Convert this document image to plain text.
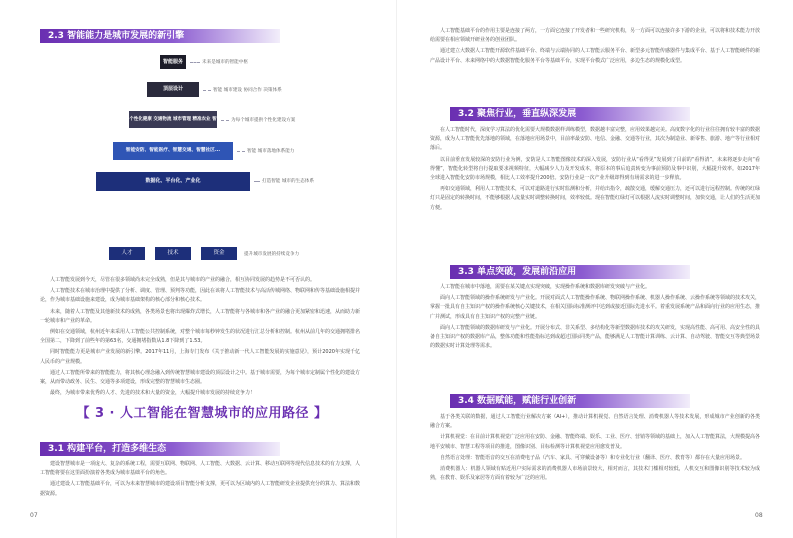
2.3 智能能力是城市发展的新引擎
智能服务
顶层设计
个性化健康 交通物流 城市管理 精准农业 智能家居
智能安防、智能医疗、智慧交通、智慧社区...
数据化、平台化、产业化
人才	技术	资金
未来是城市的智能中枢
智能 城市建设 协同合作 决策体系
为每个城市提供个性化建设方案
智能 城市落地体系能力
打造智能 城市的生态体系
提升城市发展的持续竞争力

人工智能发展到今天，尽管在很多领域尚未完全成熟，但是其与城市的产业的融合，相互协同发展的趋势是不可否认的。

人工智能技术在城市治理中提供了分析、调度、管理、预判等功能，因此在该将人工智能技术与高活传城网络、物联网和传等基础设施相提并论，作为城市基础设施来建设，成为城市基础架构的核心部分和核心技术。

未来，随着人工智能及其他新技术的成熟，各类场景也将出现爆炸式增长，人工智能将与各城市和各产业的融合更加紧密和迅速，从而助力新一轮城市和产业的革命。

例如在交通领域，杭州近年来采用人工智能公共控制系统，对整个城市每秒钟发生的状况进行汇总分析和控制。杭州从前几年的交通拥堵排名全国第二，下降到了前些年的第63名，交通拥堵指数从1.8下降到了1.53。

同时智能能力更是城市产业发展的新引擎。2017年11月，上海专门发布《关于推动新一代人工智能发展的实施意见》，预计2020年实现千亿人民币的产业规模。

通过人工智能所带来的智能能力，将其核心理念融入到传统智慧城市建设的顶层设计之中。基于城市需要，为每个城市定制属个性化的建设方案，从而带动政务、民生、交通等多项建设，形成完整的智慧城市生态圈。

最终，为城市带来优秀的人才、先进的技术和大量的资金，大幅提升城市发展的持续竞争力！

【 3 · 人工智能在智慧城市的应用路径 】
3.1 构建平台，打造多维生态

建设智慧城市是一项庞大、复杂的系统工程，需要互联网、物联网、人工智能、大数据、云计算、移动互联网等现代信息技术的有力支撑，人工智能将要在这里面扮演着各类成为城市基础平台的角色。

通过建设人工智能基础平台，可以为未来智慧城市的建设项目智能分析支撑，更可以为区域内的人工智能研发企业提供充分的算力、算法和数据资源。

07

人工智能基础平台的作用主要是连接了两方，一方面它连接了开发者和一些研究机构，另一方面可以连接许多下游的企业，可以将和技术能力开放给需要在相应领域开研业务的创业团队。

通过建立大数据人工智能开源软件基础平台、终端与云端协同的人工智能云服务平台、新型多元智能传感器件与集成平台、基于人工智能硬件的新产品设计平台、未来网络中的大数据智能化服务平台等基础平台，实现平台模式广泛应用，多边生态的规模化成型。

3.2 聚焦行业，垂直纵深发展

在人工智能时代，深度学习算法的优化需要大规模数据样训练模型，数据越丰富完整，应用效果越完美。高度数字化的行业往往拥有较丰富的数据资源，成为人工智能优先落地的领域，在落地应用场景中，目前率最安防、电信、金融、交通等行业，其次为制造业、新零售、旅游、地产等行业相对落后。

以目前垂直发展较深的安防行业为例，安防是人工智能图像技术的深入发展，安防行业从“看得见”发展到了目前的“看得清”，未来将逐步走向“看得懂”，智能化转型将自行提取要求视频特征，大幅减少人力及开发成本，将原本的事后追责转变为事前预防及事中识别，大幅提升效率。如2017年全球进入智能化安防市场规模，相比人工效率提升200倍。安防行业是一次产业升级却得到有场需求的进一步释放。

再如交通领域，利用人工智能技术，可以对道路进行实时监测和分析，并给出指令，疏散交通，缓解交通压力，还可以进行远程控制。传统的红绿灯只是固定的转换时间，不能够根据人流量实时调整转换时间，效率较低。现在智能红绿灯可以根据人流实时调整时间，加快交通，让人们的生活更加方便。

3.3 单点突破，发展前沿应用

人工智能在城市中落地，需要在某关键点实现突破，实现操作系统和数据库研发突破与产业化。

面向人工智能领域的操作系统研发与产业化。开展对面式人工智能操作系统、物联网操作系统、机器人操作系统、云操作系统等领域的技术攻关，掌握一批具有自主知识产权的操作系统核心关键技术，在相关国际标准测评中达到或接近国际先进水平。着重发展系统产品和面向行业的应用生态，推广并测试，形成具有自主知识产权的完整产业链。

面向人工智能领域的数据库研发与产业化。开展分布式、非关系型、多结构化等新型数据库技术的攻关研发，实现高性能、高可用、高安全性的具备自主知识产权的数据库产品，整体功能和性能指标达到或超过国际同类产品，能够满足人工智能计算训练、云计算、自动驾驶、智能交互等典型场景的数据实时计算处理等需求。

3.4 数据赋能，赋能行业创新

基于各类关联的数据，通过人工智能行业解决方案（AI+），推动计算机视觉、自然语言处理、消费机器人等技术发展，形成城市产业创新的各类融合方案。

计算机视觉：在目前计算机视觉广泛应用在安防、金融、智能终端、娱乐、工业、医疗、营销等领域的基础上，加入人工智能算法，大规模提高各地平安城市、智慧工程等项目的推进，图像识别、目标检测等计算机视觉应用愈发普及。

自然语言处理：智能语音的交互在消费电子品（汽车、家具、可穿戴设备等）和专业化行业（翻译、医疗、教育等）都存在大量应用场景。

消费机器人：机器人领域有贴近用户实际需求的消费机器人市场前景较大，相对而言，其技术门槛相对较低，人机交互和图像识别等技术较为成熟，在教育、娱乐及家居等方面有着较为广泛的应用。

08
